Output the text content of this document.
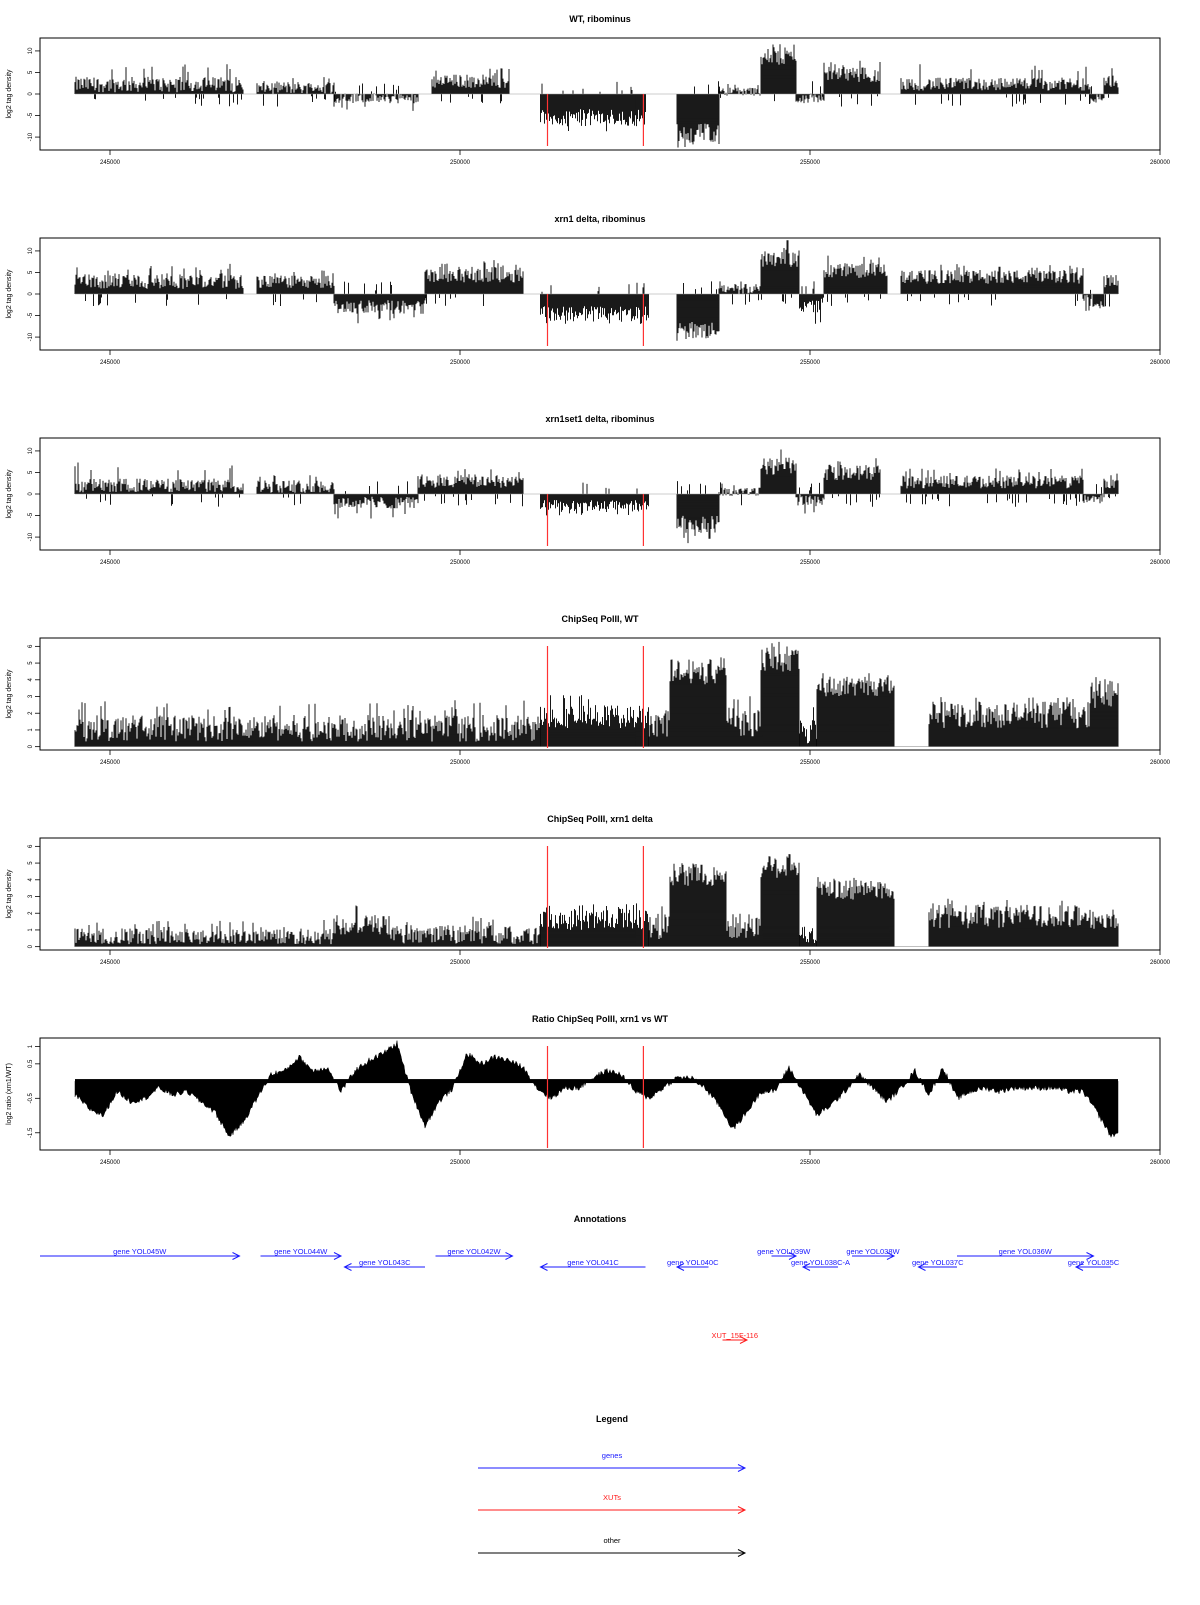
WT, ribominus
log2 tag density
245000	250000	255000	260000
10
5
0
-5
-10
xrn1 delta, ribominus
log2 tag density
245000	250000	255000	260000
10
5
0
-5
-10
xrn1set1 delta, ribominus
log2 tag density
245000	250000	255000	260000
10
5
0
-5
-10
ChipSeq PolII, WT
log2 tag density
245000	250000	255000	260000
6
5
4
3
2
1
0
ChipSeq PolII, xrn1 delta
log2 tag density
245000	250000	255000	260000
6
5
4
3
2
1
0
Ratio ChipSeq PolII, xrn1 vs WT
log2 ratio (xrn1/WT)
245000	250000	255000	260000
1
0.5
-0.5
-1.5
Annotations
gene YOL045W	gene YOL044W
gene YOL043C
gene YOL042W
gene YOL041C	gene YOL040C
gene YOL039W
gene YOL038C-A
gene YOL038W
gene YOL037C
gene YOL036W
gene YOL035C
XUT_15F-116
Legend
genes
XUTs
other
